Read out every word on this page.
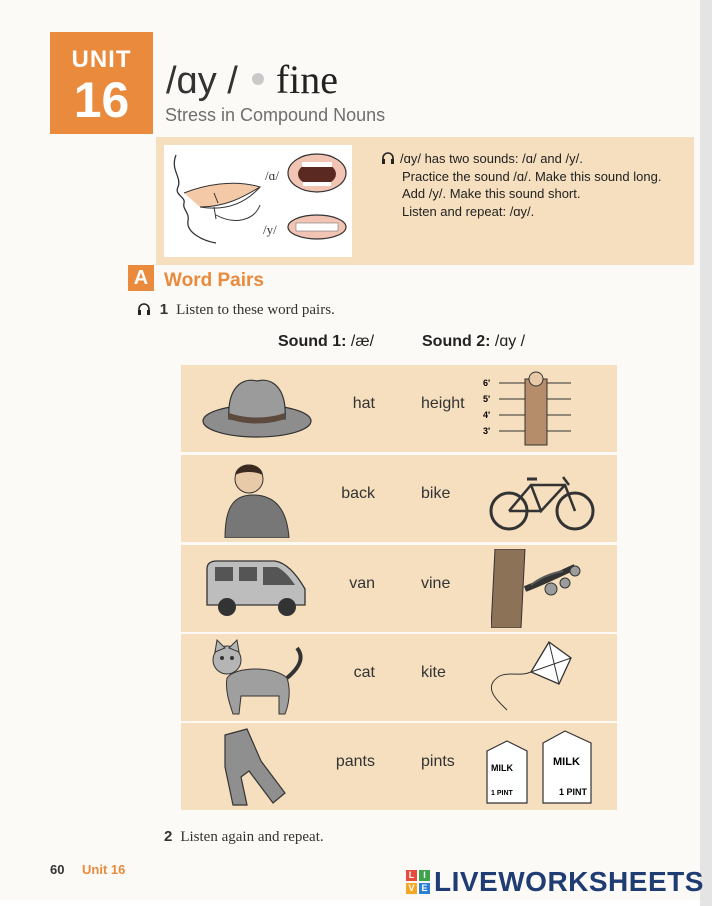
UNIT
16 /ɑy / fine
Stress in Compound Nouns
/ɑ/
/y/
/ɑy/ has two sounds: /ɑ/ and /y/.
Practice the sound /ɑ/. Make this sound long.
Add /y/. Make this sound short.
Listen and repeat: /ɑy/.
A Word Pairs
1 Listen to these word pairs.
Sound 1: /æ/	Sound 2: /ɑy /
hat	height
6'
5'
4'
3'
back	bike
van	vine
cat	kite
pants	pints	MILK
1 PINT
MILK
1 PINT
2 Listen again and repeat.
60 Unit 16	L I
V E LIVEWORKSHEETS
